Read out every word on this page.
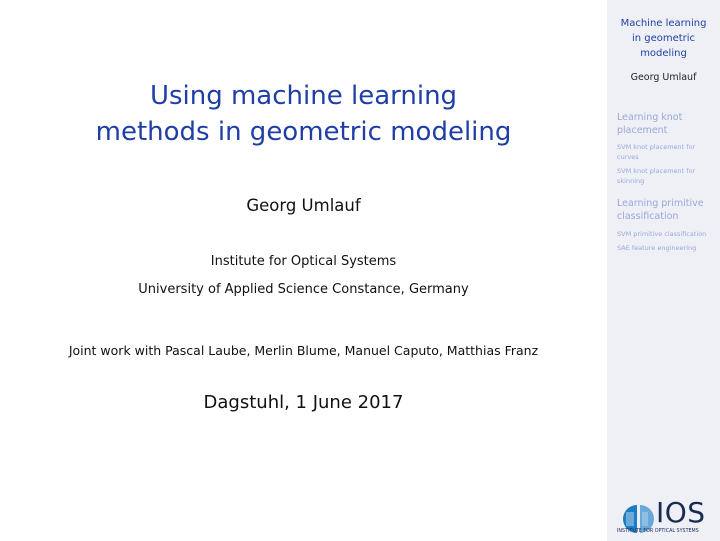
Using machine learning
methods in geometric modeling
Georg Umlauf
Institute for Optical Systems
University of Applied Science Constance, Germany
Joint work with Pascal Laube, Merlin Blume, Manuel Caputo, Matthias Franz
Dagstuhl, 1 June 2017
Machine learning
in geometric
modeling
Georg Umlauf
Learning knot
placement
SVM knot placement for
curves
SVM knot placement for
skinning
Learning primitive
classification
SVM primitive classification
SAE feature engineering
IOS
INSTITUTE FOR OPTICAL SYSTEMS
